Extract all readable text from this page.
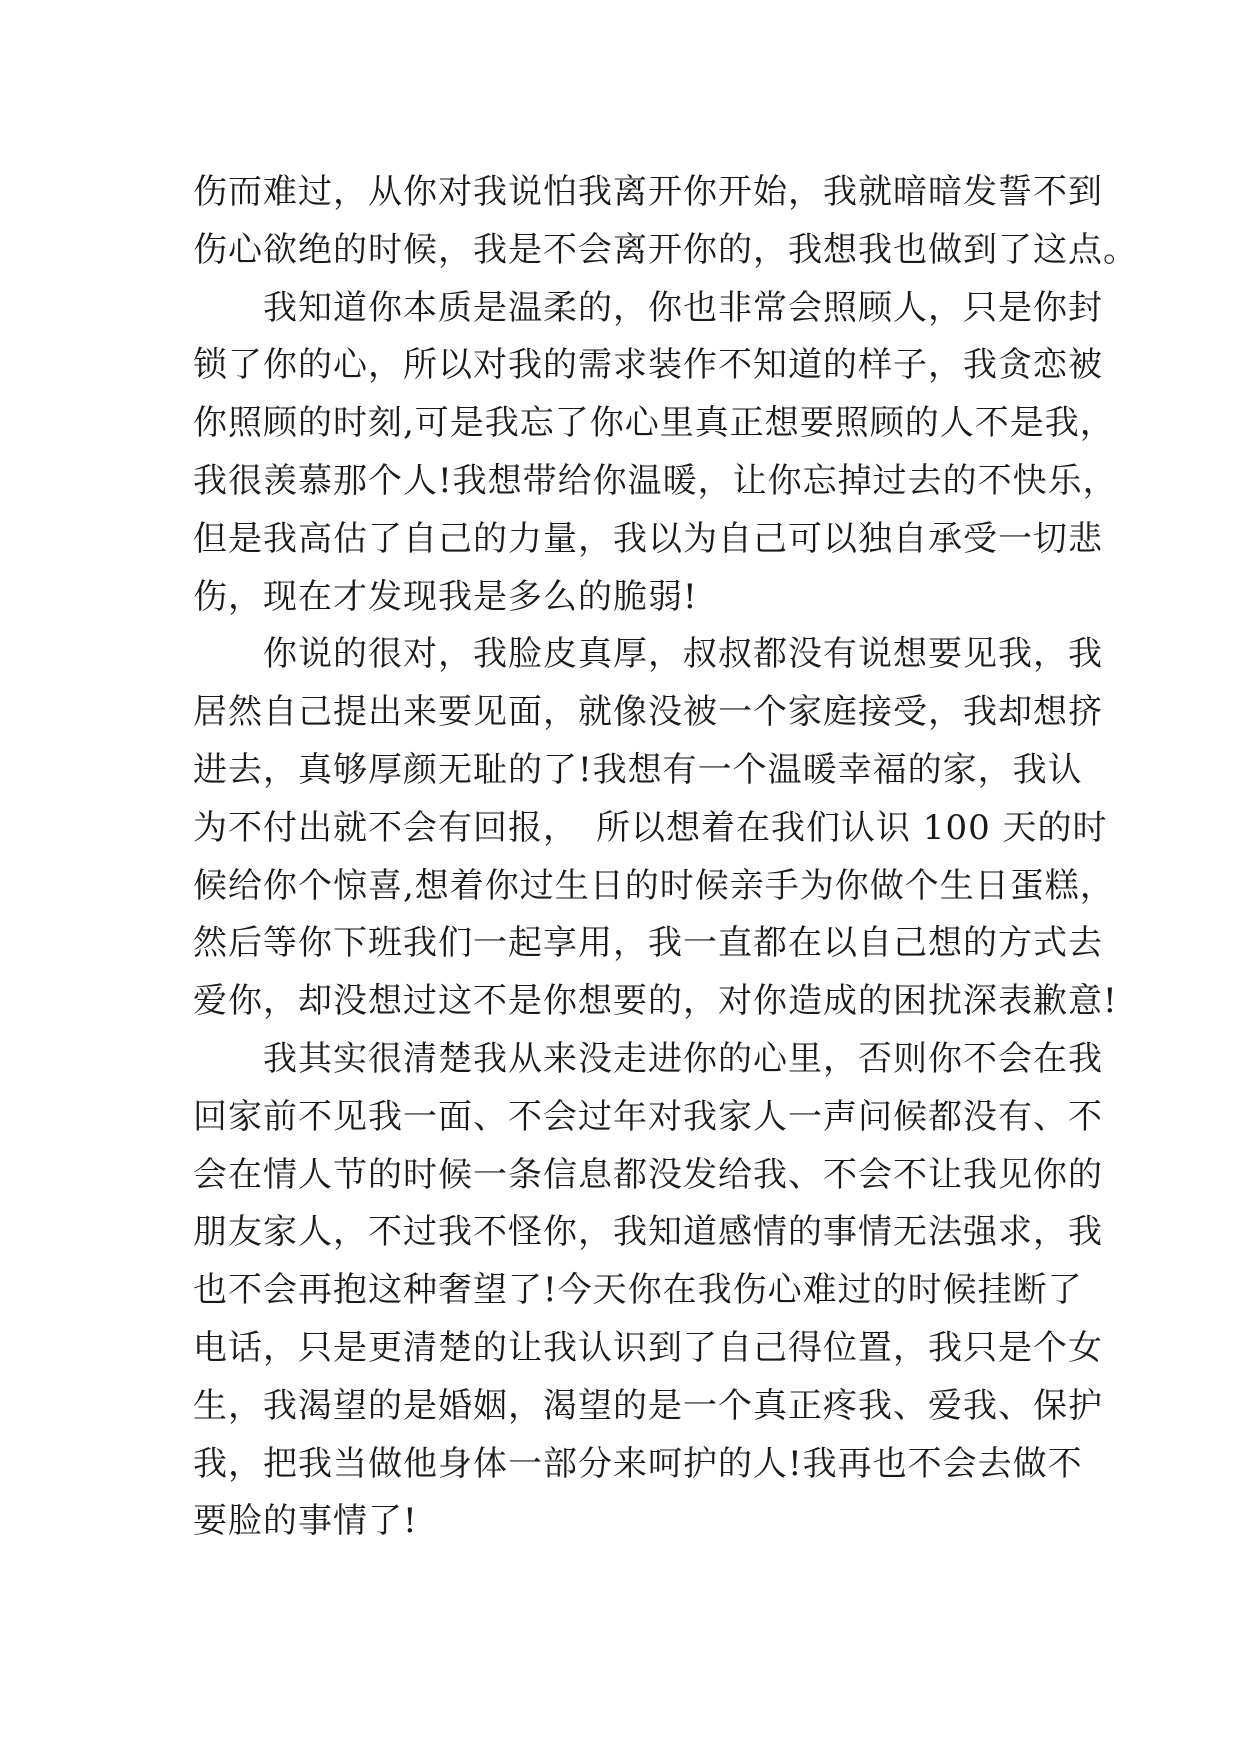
伤而难过，从你对我说怕我离开你开始，我就暗暗发誓不到
伤心欲绝的时候，我是不会离开你的，我想我也做到了这点。
　　我知道你本质是温柔的，你也非常会照顾人，只是你封
锁了你的心，所以对我的需求装作不知道的样子，我贪恋被
你照顾的时刻,可是我忘了你心里真正想要照顾的人不是我，
我很羡慕那个人!我想带给你温暖，让你忘掉过去的不快乐，
但是我高估了自己的力量，我以为自己可以独自承受一切悲
伤，现在才发现我是多么的脆弱!
　　你说的很对，我脸皮真厚，叔叔都没有说想要见我，我
居然自己提出来要见面，就像没被一个家庭接受，我却想挤
进去，真够厚颜无耻的了!我想有一个温暖幸福的家，我认
为不付出就不会有回报，　所以想着在我们认识 100 天的时
候给你个惊喜,想着你过生日的时候亲手为你做个生日蛋糕，
然后等你下班我们一起享用，我一直都在以自己想的方式去
爱你，却没想过这不是你想要的，对你造成的困扰深表歉意!
　　我其实很清楚我从来没走进你的心里，否则你不会在我
回家前不见我一面、不会过年对我家人一声问候都没有、不
会在情人节的时候一条信息都没发给我、不会不让我见你的
朋友家人，不过我不怪你，我知道感情的事情无法强求，我
也不会再抱这种奢望了!今天你在我伤心难过的时候挂断了
电话，只是更清楚的让我认识到了自己得位置，我只是个女
生，我渴望的是婚姻，渴望的是一个真正疼我、爱我、保护
我，把我当做他身体一部分来呵护的人!我再也不会去做不
要脸的事情了!
